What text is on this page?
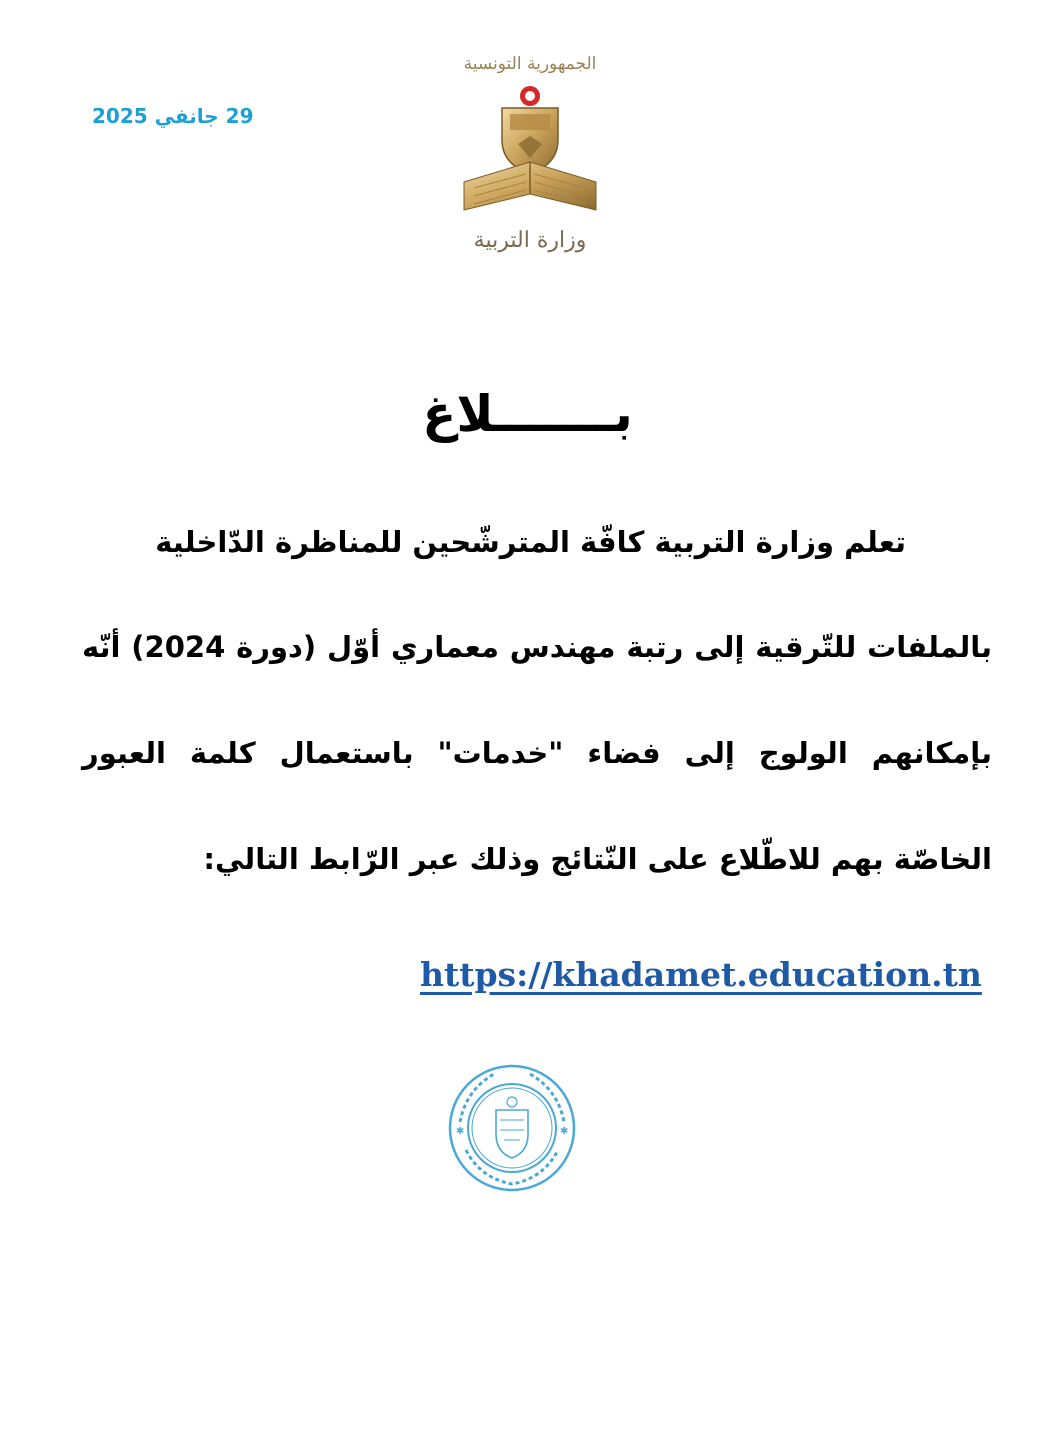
29 جانفي 2025
الجمهورية التونسية
وزارة التربية
بـــــــلاغ
تعلم وزارة التربية كافّة المترشّحين للمناظرة الدّاخلية
بالملفات للتّرقية إلى رتبة مهندس معماري أوّل (دورة 2024) أنّه
بإمكانهم الولوج إلى فضاء "خدمات" باستعمال كلمة العبور
الخاصّة بهم للاطّلاع على النّتائج وذلك عبر الرّابط التالي:
https://khadamet.education.tn
✱	✱
